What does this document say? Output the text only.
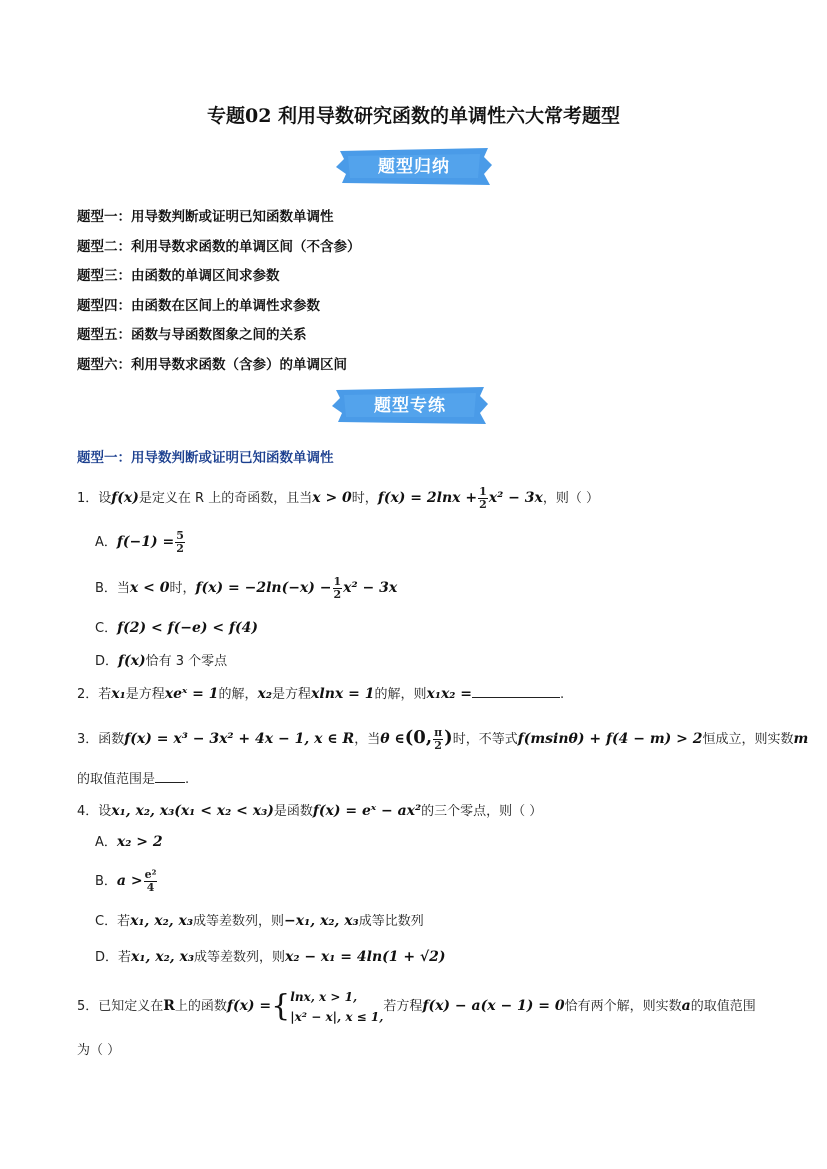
专题02 利用导数研究函数的单调性六大常考题型
题型归纳
题型一：用导数判断或证明已知函数单调性
题型二：利用导数求函数的单调区间（不含参）
题型三：由函数的单调区间求参数
题型四：由函数在区间上的单调性求参数
题型五：函数与导函数图象之间的关系
题型六：利用导数求函数（含参）的单调区间
题型专练
题型一：用导数判断或证明已知函数单调性
1．设f(x)是定义在 R 上的奇函数，且当x > 0时，$f(x) = 2\ln x + \frac{1}{2} x^2 - 3x$，则（ ）
A．$f(-1) = \frac{5}{2}$
B．当x < 0时，$f(x) = -2\ln(-x) - \frac{1}{2} x^2 - 3x$
C．f(2) < f(−e) < f(4)
D．f(x)恰有 3 个零点
2．若x₁是方程xeˣ = 1的解，x₂是方程xlnx = 1的解，则x₁x₂ =	.
3．函数f(x) = x³ − 3x² + 4x − 1, x ∈ R，当θ ∈(0, $\frac{\pi}{2}$ )时，不等式f(msinθ) + f(4 − m) > 2恒成立，则实数m
的取值范围是 .
4．设x₁, x₂, x₃(x₁ < x₂ < x₃)是函数f(x) = eˣ − ax²的三个零点，则（ ）
A．x₂ > 2
B．$a > \frac{\text{e²}}{4}$
C．若x₁, x₂, x₃成等差数列，则−x₁, x₂, x₃成等比数列
D．若x₁, x₂, x₃成等差数列，则x₂ − x₁ = 4ln(1 + √2)
5．已知定义在R上的函数f(x) ={ lnx, x > 1,
|x² − x|, x ≤ 1,
若方程f(x) − a(x − 1) = 0恰有两个解，则实数a的取值范围
为（ ）
